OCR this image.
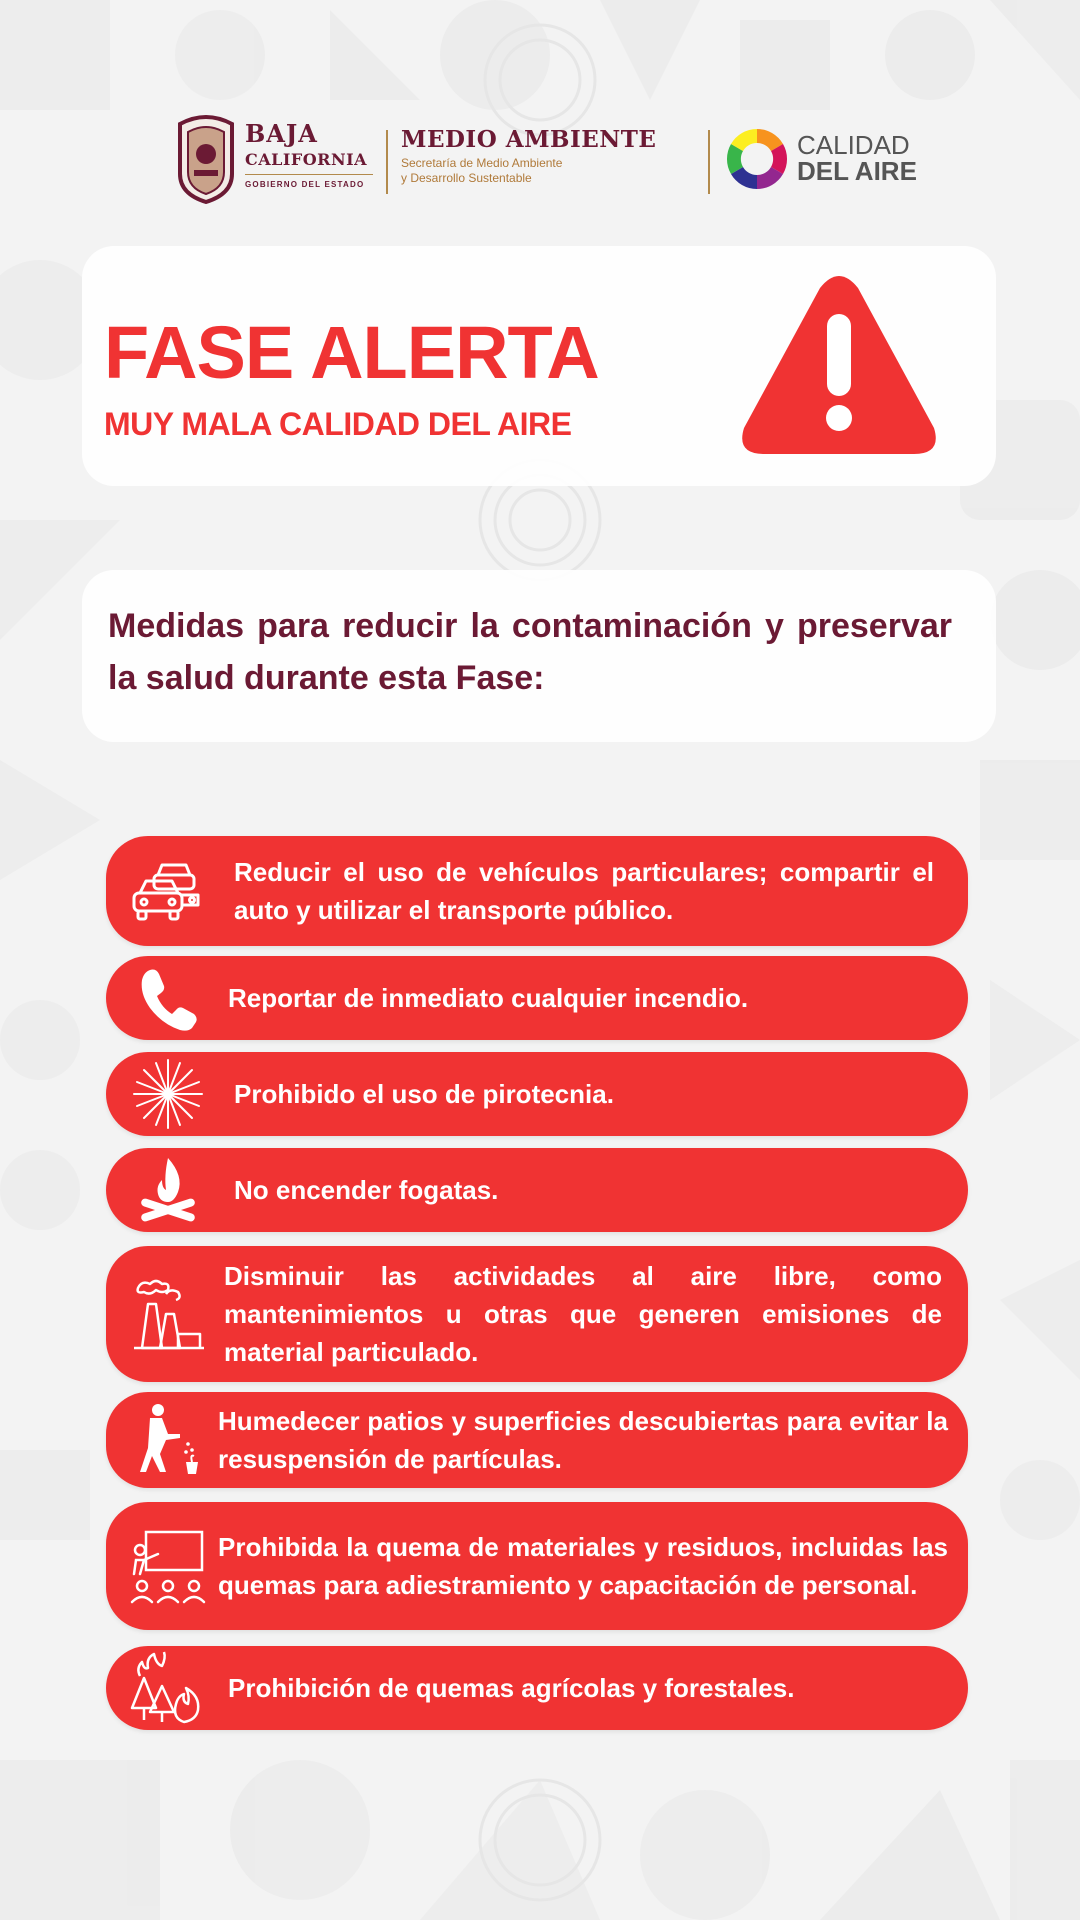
BAJA
CALIFORNIA
GOBIERNO DEL ESTADO
MEDIO AMBIENTE
Secretaría de Medio Ambiente
y Desarrollo Sustentable
CALIDAD
DEL AIRE
FASE ALERTA
MUY MALA CALIDAD DEL AIRE
Medidas para reducir la contaminación y preservar la salud durante esta Fase:
Reducir el uso de vehículos particulares; compartir el auto y utilizar el transporte público.
Reportar de inmediato cualquier incendio.
Prohibido el uso de pirotecnia.
No encender fogatas.
Disminuir las actividades al aire libre, como mantenimientos u otras que generen emisiones de material particulado.
Humedecer patios y superficies descubiertas para evitar la resuspensión de partículas.
Prohibida la quema de materiales y residuos, incluidas las quemas para adiestramiento y capacitación de personal.
Prohibición de quemas agrícolas y forestales.
